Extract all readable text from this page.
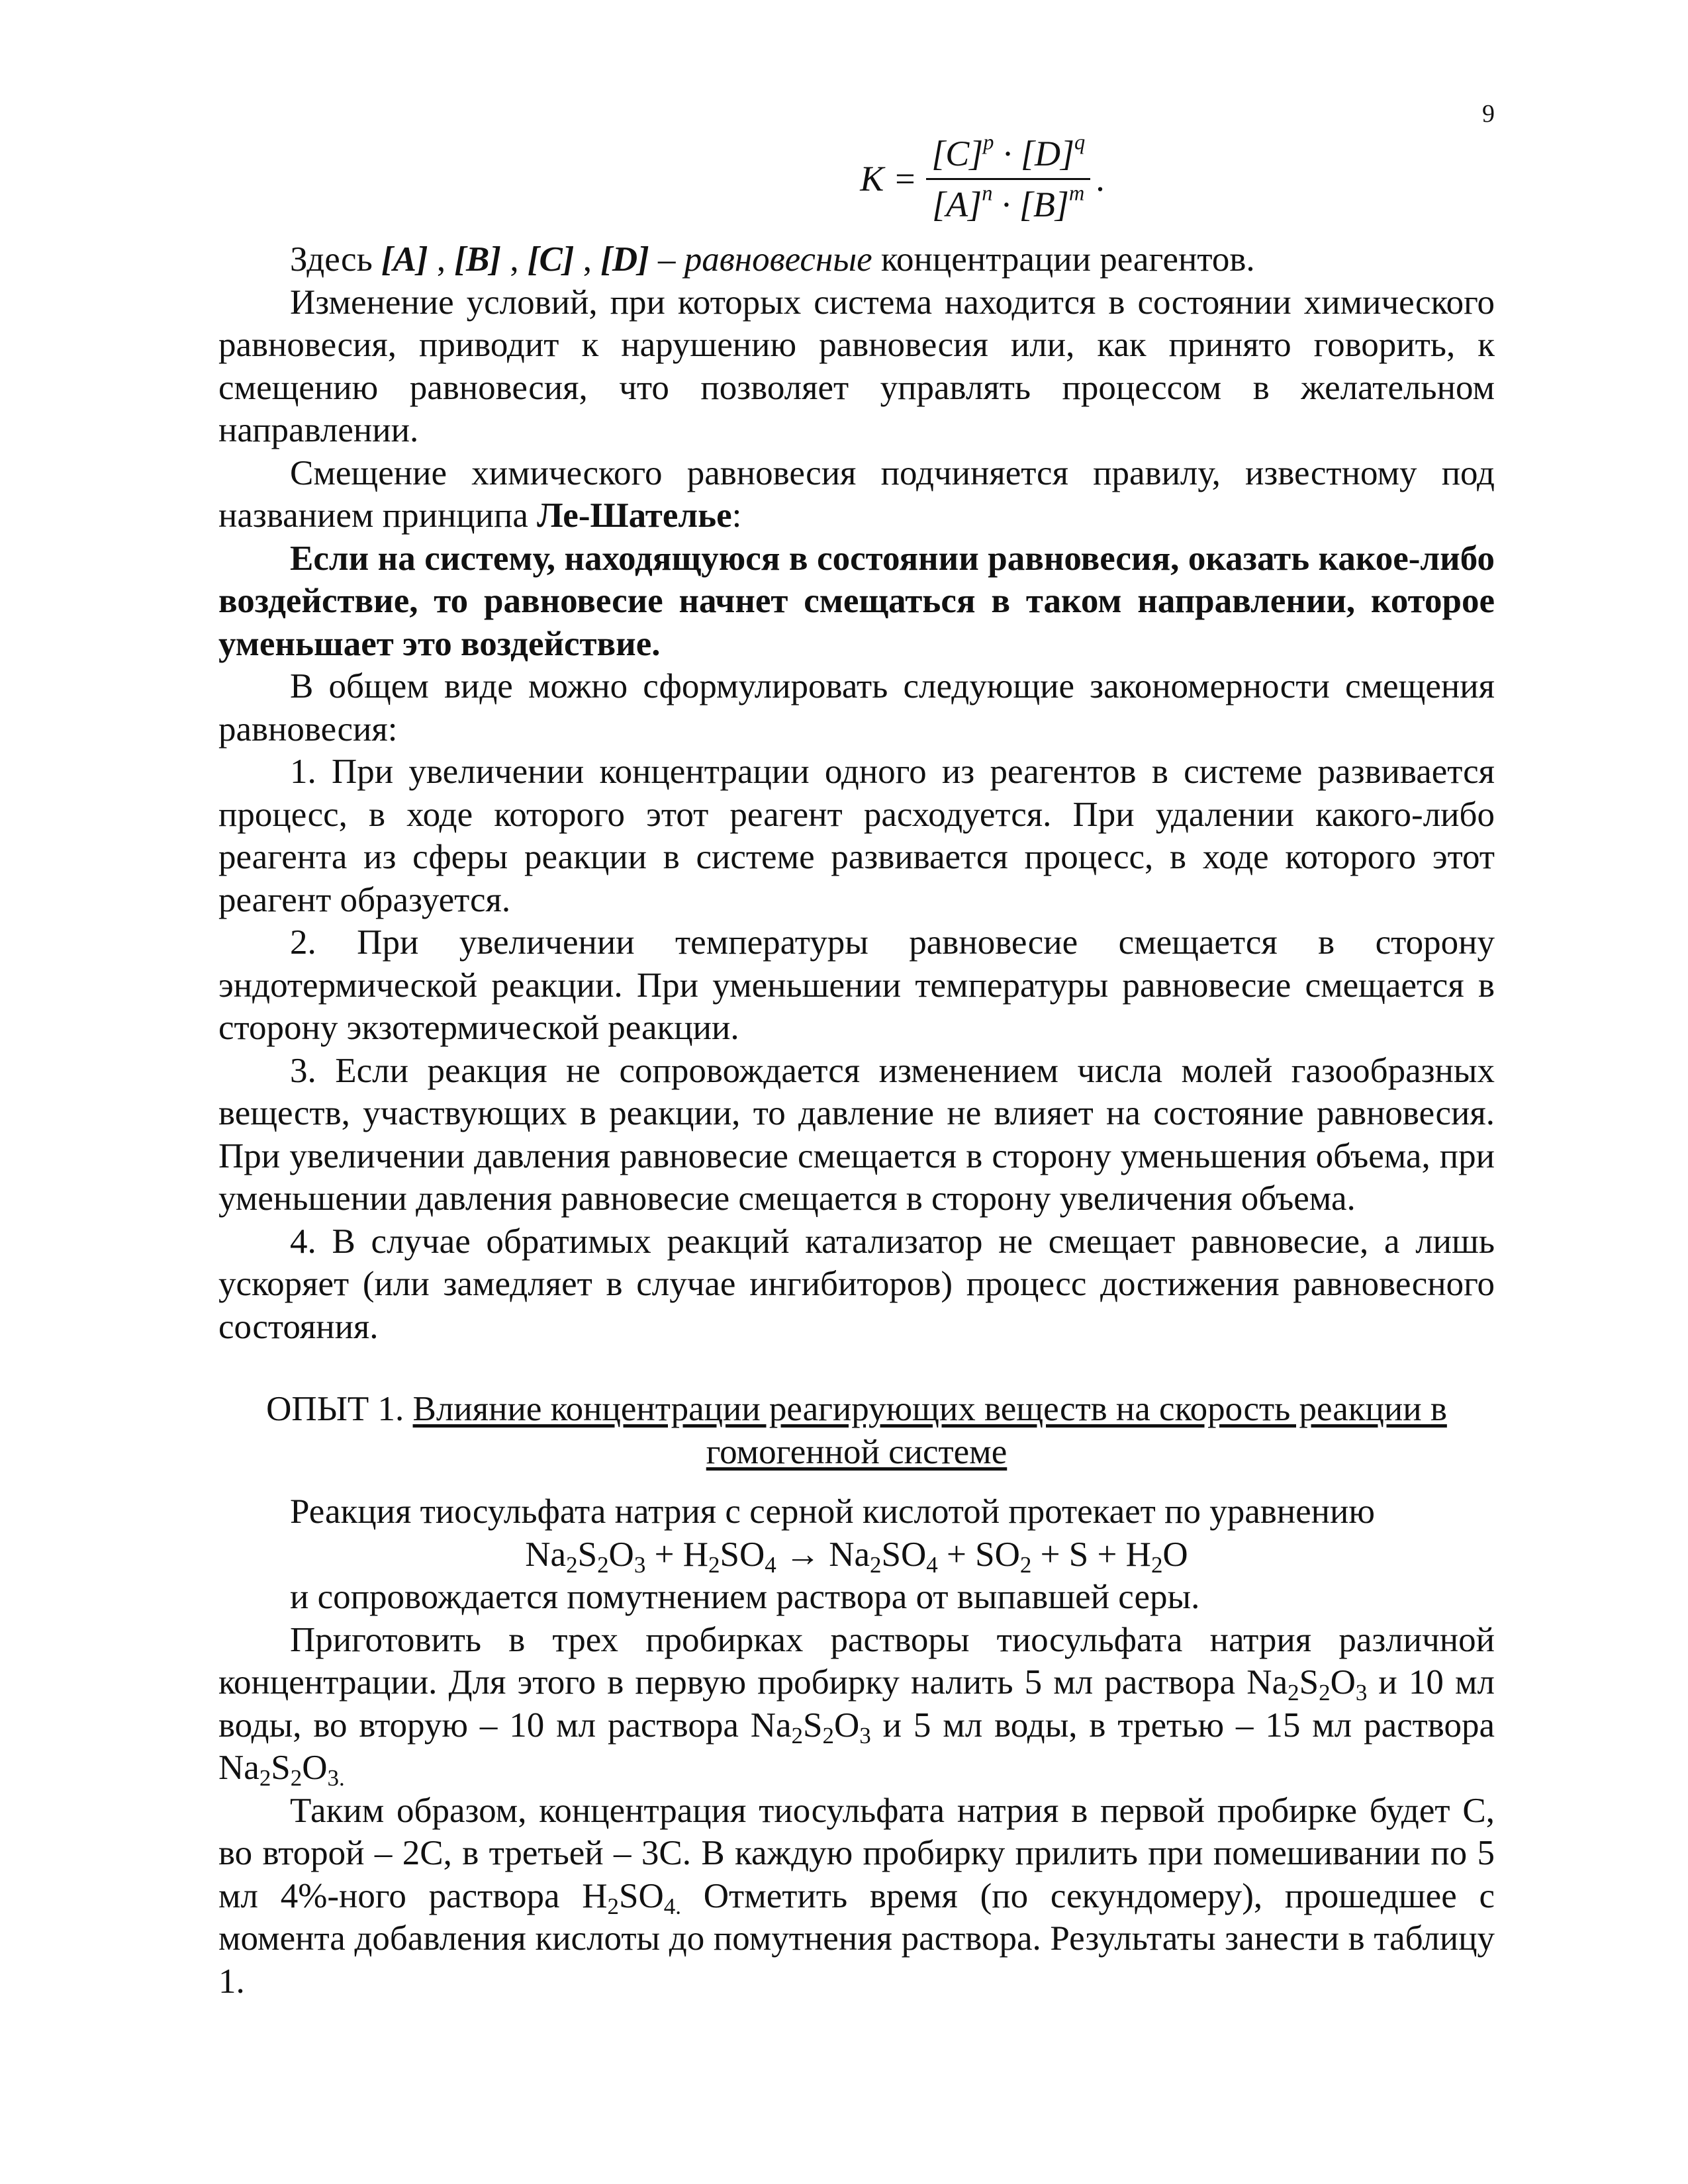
9
$K = \frac{[C]^p \cdot [D]^q}{[A]^n \cdot [B]^m}$ .

Здесь [A] , [B] , [C] , [D] – равновесные концентрации реагентов.

Изменение условий, при которых система находится в состоянии химического равновесия, приводит к нарушению равновесия или, как принято говорить, к смещению равновесия, что позволяет управлять процессом в желательном направлении.

Смещение химического равновесия подчиняется правилу, известному под названием принципа Ле-Шателье:

Если на систему, находящуюся в состоянии равновесия, оказать какое-либо воздействие, то равновесие начнет смещаться в таком направлении, которое уменьшает это воздействие.

В общем виде можно сформулировать следующие закономерности смещения равновесия:

1. При увеличении концентрации одного из реагентов в системе развивается процесс, в ходе которого этот реагент расходуется. При удалении какого-либо реагента из сферы реакции в системе развивается процесс, в ходе которого этот реагент образуется.

2. При увеличении температуры равновесие смещается в сторону эндотермической реакции. При уменьшении температуры равновесие смещается в сторону экзотермической реакции.

3. Если реакция не сопровождается изменением числа молей газообразных веществ, участвующих в реакции, то давление не влияет на состояние равновесия. При увеличении давления равновесие смещается в сторону уменьшения объема, при уменьшении давления равновесие смещается в сторону увеличения объема.

4. В случае обратимых реакций катализатор не смещает равновесие, а лишь ускоряет (или замедляет в случае ингибиторов) процесс достижения равновесного состояния.

ОПЫТ 1. Влияние концентрации реагирующих веществ на скорость реакции в гомогенной системе

Реакция тиосульфата натрия с серной кислотой протекает по уравнению

$Na_2S_2O_3 + H_2SO_4 \to Na_2SO_4 + SO_2 + S + H_2O$

и сопровождается помутнением раствора от выпавшей серы.

Приготовить в трех пробирках растворы тиосульфата натрия различной концентрации. Для этого в первую пробирку налить 5 мл раствора $Na_2S_2O_3$ и 10 мл воды, во вторую – 10 мл раствора $Na_2S_2O_3$ и 5 мл воды, в третью – 15 мл раствора $Na_2S_2O_{3.}$

Таким образом, концентрация тиосульфата натрия в первой пробирке будет С, во второй – 2С, в третьей – 3С. В каждую пробирку прилить при помешивании по 5 мл 4%-ного раствора $H_2SO_{4.}$ Отметить время (по секундомеру), прошедшее с момента добавления кислоты до помутнения раствора. Результаты занести в таблицу 1.
